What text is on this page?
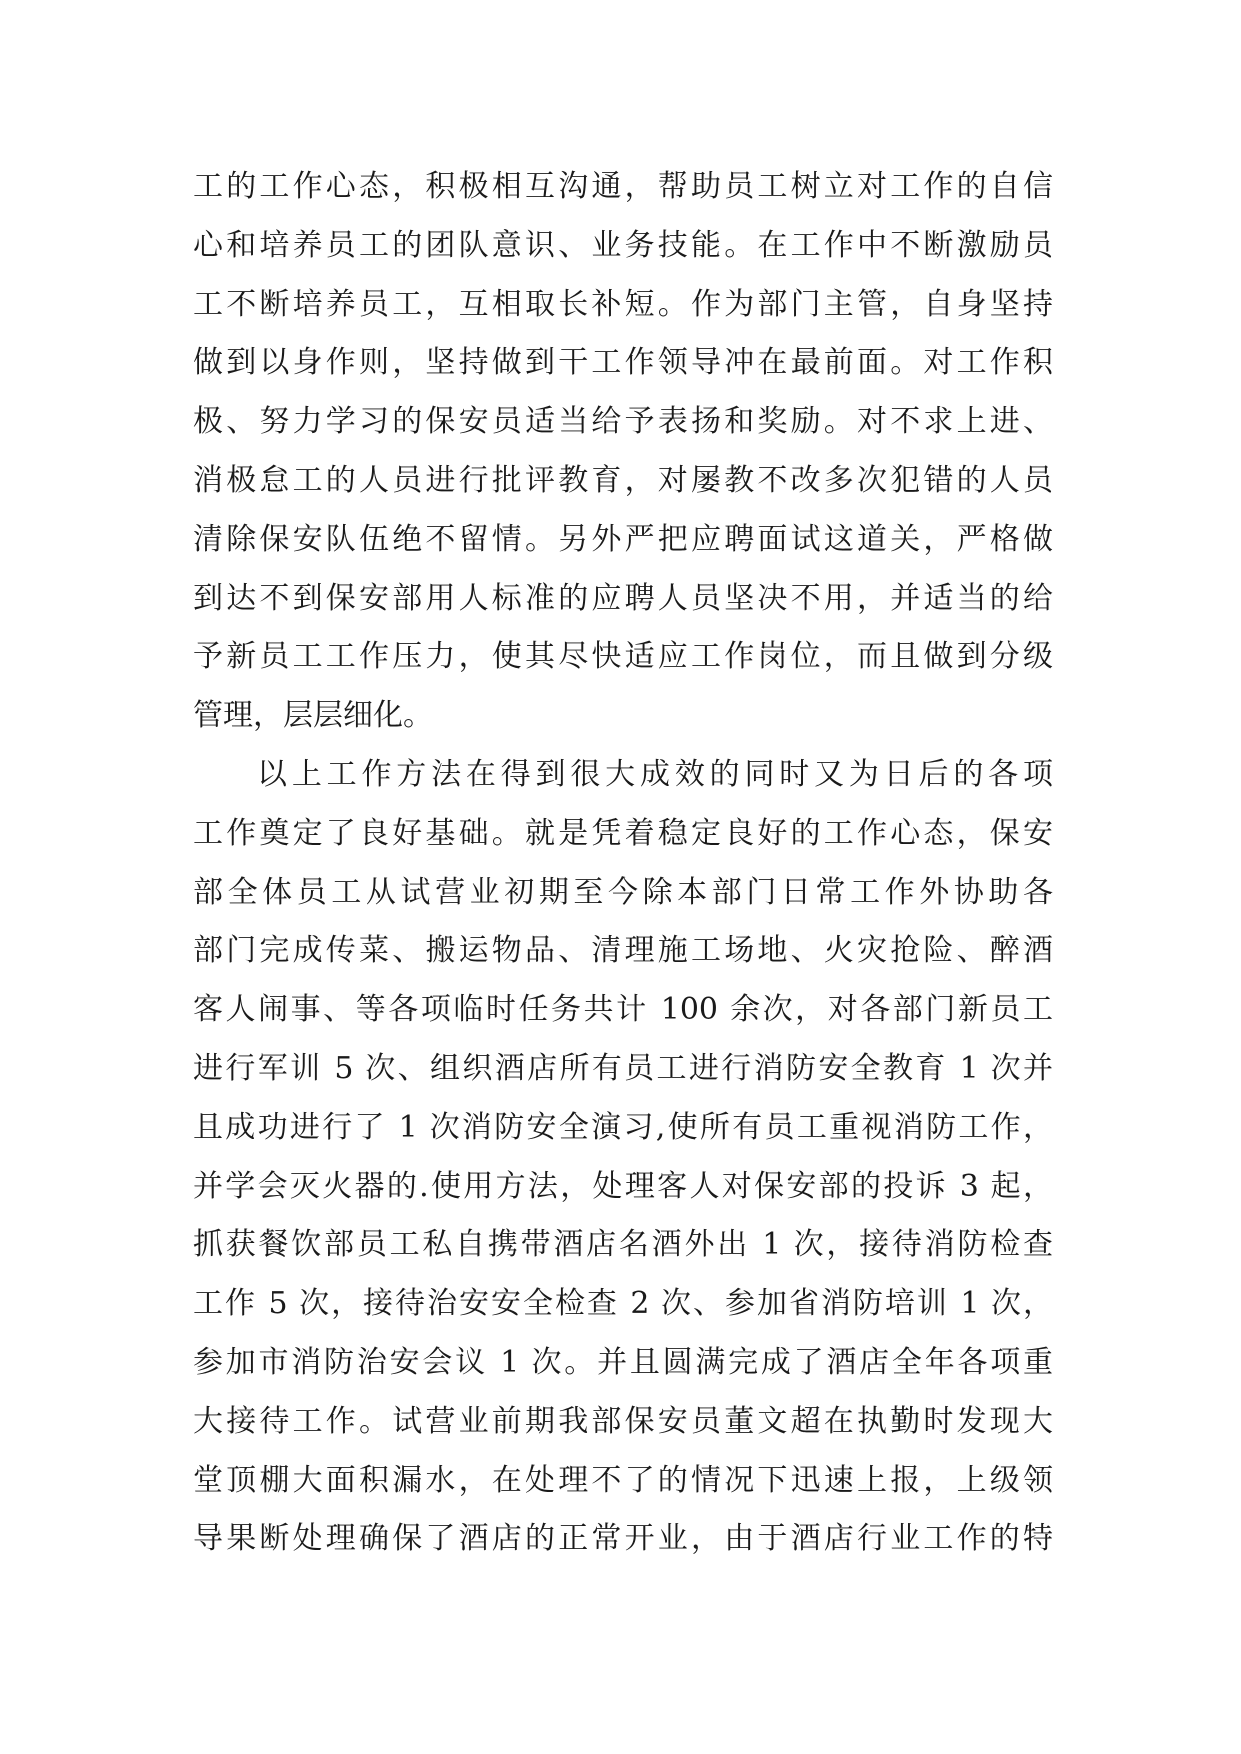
工的工作心态，积极相互沟通，帮助员工树立对工作的自信
心和培养员工的团队意识、业务技能。在工作中不断激励员
工不断培养员工，互相取长补短。作为部门主管，自身坚持
做到以身作则，坚持做到干工作领导冲在最前面。对工作积
极、努力学习的保安员适当给予表扬和奖励。对不求上进、
消极怠工的人员进行批评教育，对屡教不改多次犯错的人员
清除保安队伍绝不留情。另外严把应聘面试这道关，严格做
到达不到保安部用人标准的应聘人员坚决不用，并适当的给
予新员工工作压力，使其尽快适应工作岗位，而且做到分级
管理，层层细化。
以上工作方法在得到很大成效的同时又为日后的各项
工作奠定了良好基础。就是凭着稳定良好的工作心态，保安
部全体员工从试营业初期至今除本部门日常工作外协助各
部门完成传菜、搬运物品、清理施工场地、火灾抢险、醉酒
客人闹事、等各项临时任务共计 100 余次，对各部门新员工
进行军训 5 次、组织酒店所有员工进行消防安全教育 1 次并
且成功进行了 1 次消防安全演习,使所有员工重视消防工作，
并学会灭火器的.使用方法，处理客人对保安部的投诉 3 起，
抓获餐饮部员工私自携带酒店名酒外出 1 次，接待消防检查
工作 5 次，接待治安安全检查 2 次、参加省消防培训 1 次，
参加市消防治安会议 1 次。并且圆满完成了酒店全年各项重
大接待工作。试营业前期我部保安员董文超在执勤时发现大
堂顶棚大面积漏水，在处理不了的情况下迅速上报，上级领
导果断处理确保了酒店的正常开业，由于酒店行业工作的特
